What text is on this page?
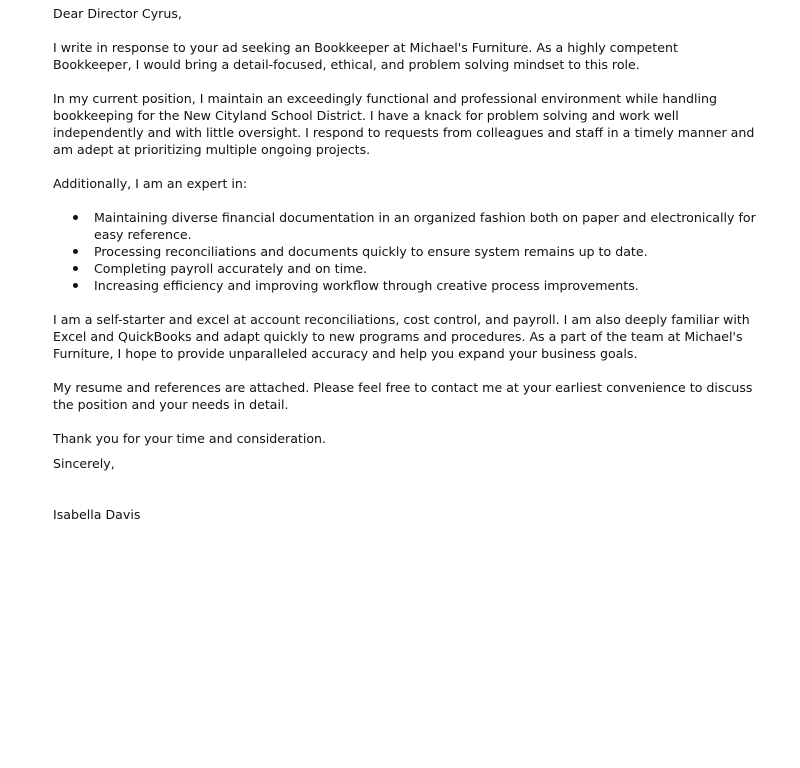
Dear Director Cyrus,

I write in response to your ad seeking an Bookkeeper at Michael's Furniture. As a highly competent Bookkeeper, I would bring a detail-focused, ethical, and problem solving mindset to this role.

In my current position, I maintain an exceedingly functional and professional environment while handling bookkeeping for the New Cityland School District. I have a knack for problem solving and work well independently and with little oversight. I respond to requests from colleagues and staff in a timely manner and am adept at prioritizing multiple ongoing projects.

Additionally, I am an expert in:

Maintaining diverse financial documentation in an organized fashion both on paper and electronically for easy reference.
Processing reconciliations and documents quickly to ensure system remains up to date.
Completing payroll accurately and on time.
Increasing efficiency and improving workflow through creative process improvements.

I am a self-starter and excel at account reconciliations, cost control, and payroll. I am also deeply familiar with Excel and QuickBooks and adapt quickly to new programs and procedures. As a part of the team at Michael's Furniture, I hope to provide unparalleled accuracy and help you expand your business goals.

My resume and references are attached. Please feel free to contact me at your earliest convenience to discuss the position and your needs in detail.

Thank you for your time and consideration.

Sincerely,

Isabella Davis
